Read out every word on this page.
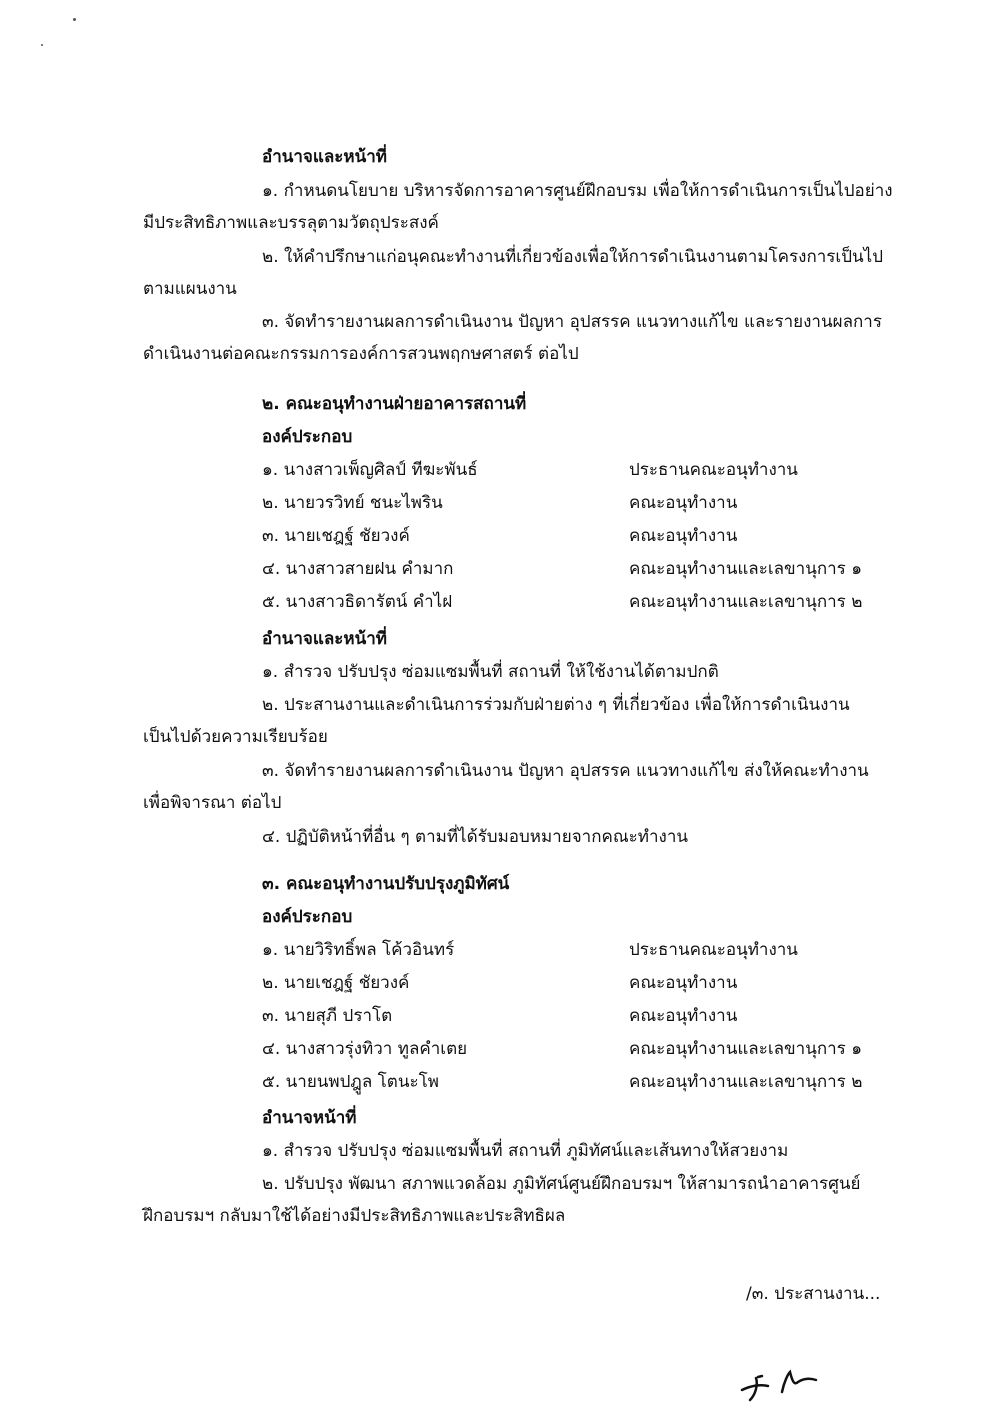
อำนาจและหน้าที่
๑. กำหนดนโยบาย บริหารจัดการอาคารศูนย์ฝึกอบรม เพื่อให้การดำเนินการเป็นไปอย่าง
มีประสิทธิภาพและบรรลุตามวัตถุประสงค์
๒. ให้คำปรึกษาแก่อนุคณะทำงานที่เกี่ยวข้องเพื่อให้การดำเนินงานตามโครงการเป็นไป
ตามแผนงาน
๓. จัดทำรายงานผลการดำเนินงาน ปัญหา อุปสรรค แนวทางแก้ไข และรายงานผลการ
ดำเนินงานต่อคณะกรรมการองค์การสวนพฤกษศาสตร์ ต่อไป
๒. คณะอนุทำงานฝ่ายอาคารสถานที่
องค์ประกอบ
๑. นางสาวเพ็ญศิลป์ ทีฆะพันธ์	ประธานคณะอนุทำงาน
๒. นายวรวิทย์ ชนะไพริน	คณะอนุทำงาน
๓. นายเชฎฐ์ ชัยวงค์	คณะอนุทำงาน
๔. นางสาวสายฝน คำมาก	คณะอนุทำงานและเลขานุการ ๑
๕. นางสาวธิดารัตน์ คำไฝ	คณะอนุทำงานและเลขานุการ ๒
อำนาจและหน้าที่
๑. สำรวจ ปรับปรุง ซ่อมแซมพื้นที่ สถานที่ ให้ใช้งานได้ตามปกติ
๒. ประสานงานและดำเนินการร่วมกับฝ่ายต่าง ๆ ที่เกี่ยวข้อง เพื่อให้การดำเนินงาน
เป็นไปด้วยความเรียบร้อย
๓. จัดทำรายงานผลการดำเนินงาน ปัญหา อุปสรรค แนวทางแก้ไข ส่งให้คณะทำงาน
เพื่อพิจารณา ต่อไป
๔. ปฏิบัติหน้าที่อื่น ๆ ตามที่ได้รับมอบหมายจากคณะทำงาน
๓. คณะอนุทำงานปรับปรุงภูมิทัศน์
องค์ประกอบ
๑. นายวิริทธิ์พล โค้วอินทร์	ประธานคณะอนุทำงาน
๒. นายเชฎฐ์ ชัยวงค์	คณะอนุทำงาน
๓. นายสุภี ปราโต	คณะอนุทำงาน
๔. นางสาวรุ่งทิวา ทูลคำเตย	คณะอนุทำงานและเลขานุการ ๑
๕. นายนพปฎูล โตนะโพ	คณะอนุทำงานและเลขานุการ ๒
อำนาจหน้าที่
๑. สำรวจ ปรับปรุง ซ่อมแซมพื้นที่ สถานที่ ภูมิทัศน์และเส้นทางให้สวยงาม
๒. ปรับปรุง พัฒนา สภาพแวดล้อม ภูมิทัศน์ศูนย์ฝึกอบรมฯ ให้สามารถนำอาคารศูนย์
ฝึกอบรมฯ กลับมาใช้ได้อย่างมีประสิทธิภาพและประสิทธิผล
/๓. ประสานงาน...
